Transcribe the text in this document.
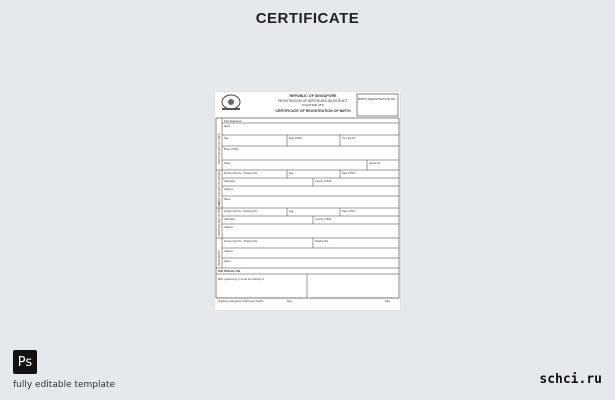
CERTIFICATE
REPUBLIC OF SINGAPORE
REGISTRATION OF BIRTHS AND DEATHS ACT
(CHAPTER 267)
CERTIFICATE OF REGISTRATION OF BIRTH
BIRTH REGISTRATION NO.
Date Registered
Name
Sex	Date of Birth	Time of birth
Place of Birth
Name	Identity No.
Identity Card No. / Passport No.	Age	Date of Birth
Nationality	Country of Birth
Address
Name
Identity Card No. / Passport No.	Age	Date of Birth
Nationality	Country of Birth
Address
Identity Card No. / Passport No.	Relationship
Address
Name
FOR OFFICIAL USE
Birth registered by, or under the authority of
Signature of Registrar of Births and Deaths	Date	Date
PARTICULARS OF CHILD
PARTICULARS OF FATHER
PARTICULARS OF MOTHER
INFORMANT
Ps
fully editable template	schci.ru
